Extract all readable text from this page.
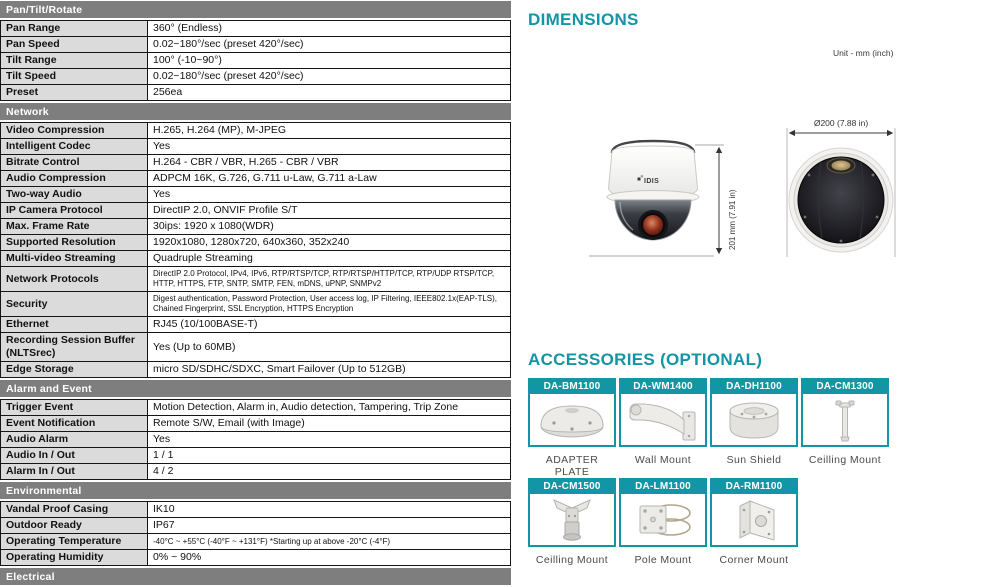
Pan/Tilt/Rotate
Pan Range	360° (Endless)
Pan Speed	0.02~180°/sec (preset 420°/sec)
Tilt Range	100° (-10~90°)
Tilt Speed	0.02~180°/sec (preset 420°/sec)
Preset	256ea
Network
Video Compression	H.265, H.264 (MP), M-JPEG
Intelligent Codec	Yes
Bitrate Control	H.264 - CBR / VBR, H.265 - CBR / VBR
Audio Compression	ADPCM 16K, G.726, G.711 u-Law, G.711 a-Law
Two-way Audio	Yes
IP Camera Protocol	DirectIP 2.0, ONVIF Profile S/T
Max. Frame Rate	30ips: 1920 x 1080(WDR)
Supported Resolution	1920x1080, 1280x720, 640x360, 352x240
Multi-video Streaming	Quadruple Streaming
Network Protocols	DirectIP 2.0 Protocol, IPv4, IPv6, RTP/RTSP/TCP, RTP/RTSP/HTTP/TCP, RTP/UDP RTSP/TCP, HTTP, HTTPS, FTP, SNTP, SMTP, FEN, mDNS, uPNP, SNMPv2
Security	Digest authentication, Password Protection, User access log, IP Filtering, IEEE802.1x(EAP-TLS), Chained Fingerprint, SSL Encryption, HTTPS Encryption
Ethernet	RJ45 (10/100BASE-T)
Recording Session Buffer (NLTSrec)	Yes (Up to 60MB)
Edge Storage	micro SD/SDHC/SDXC, Smart Failover (Up to 512GB)
Alarm and Event
Trigger Event	Motion Detection, Alarm in, Audio detection, Tampering, Trip Zone
Event Notification	Remote S/W, Email (with Image)
Audio Alarm	Yes
Audio In / Out	1 / 1
Alarm In / Out	4 / 2
Environmental
Vandal Proof Casing	IK10
Outdoor Ready	IP67
Operating Temperature	-40°C ~ +55°C (-40°F ~ +131°F) *Starting up at above -20°C (-4°F)
Operating Humidity	0% ~ 90%
Electrical
DIMENSIONS
Unit - mm (inch)
201 mm (7.91 in)
IDIS
Ø200 (7.88 in)
ACCESSORIES (OPTIONAL)
DA-BM1100
ADAPTER PLATE
DA-WM1400
Wall Mount
DA-DH1100
Sun Shield
DA-CM1300
Ceilling Mount
DA-CM1500
Ceilling Mount
DA-LM1100
Pole Mount
DA-RM1100
Corner Mount
